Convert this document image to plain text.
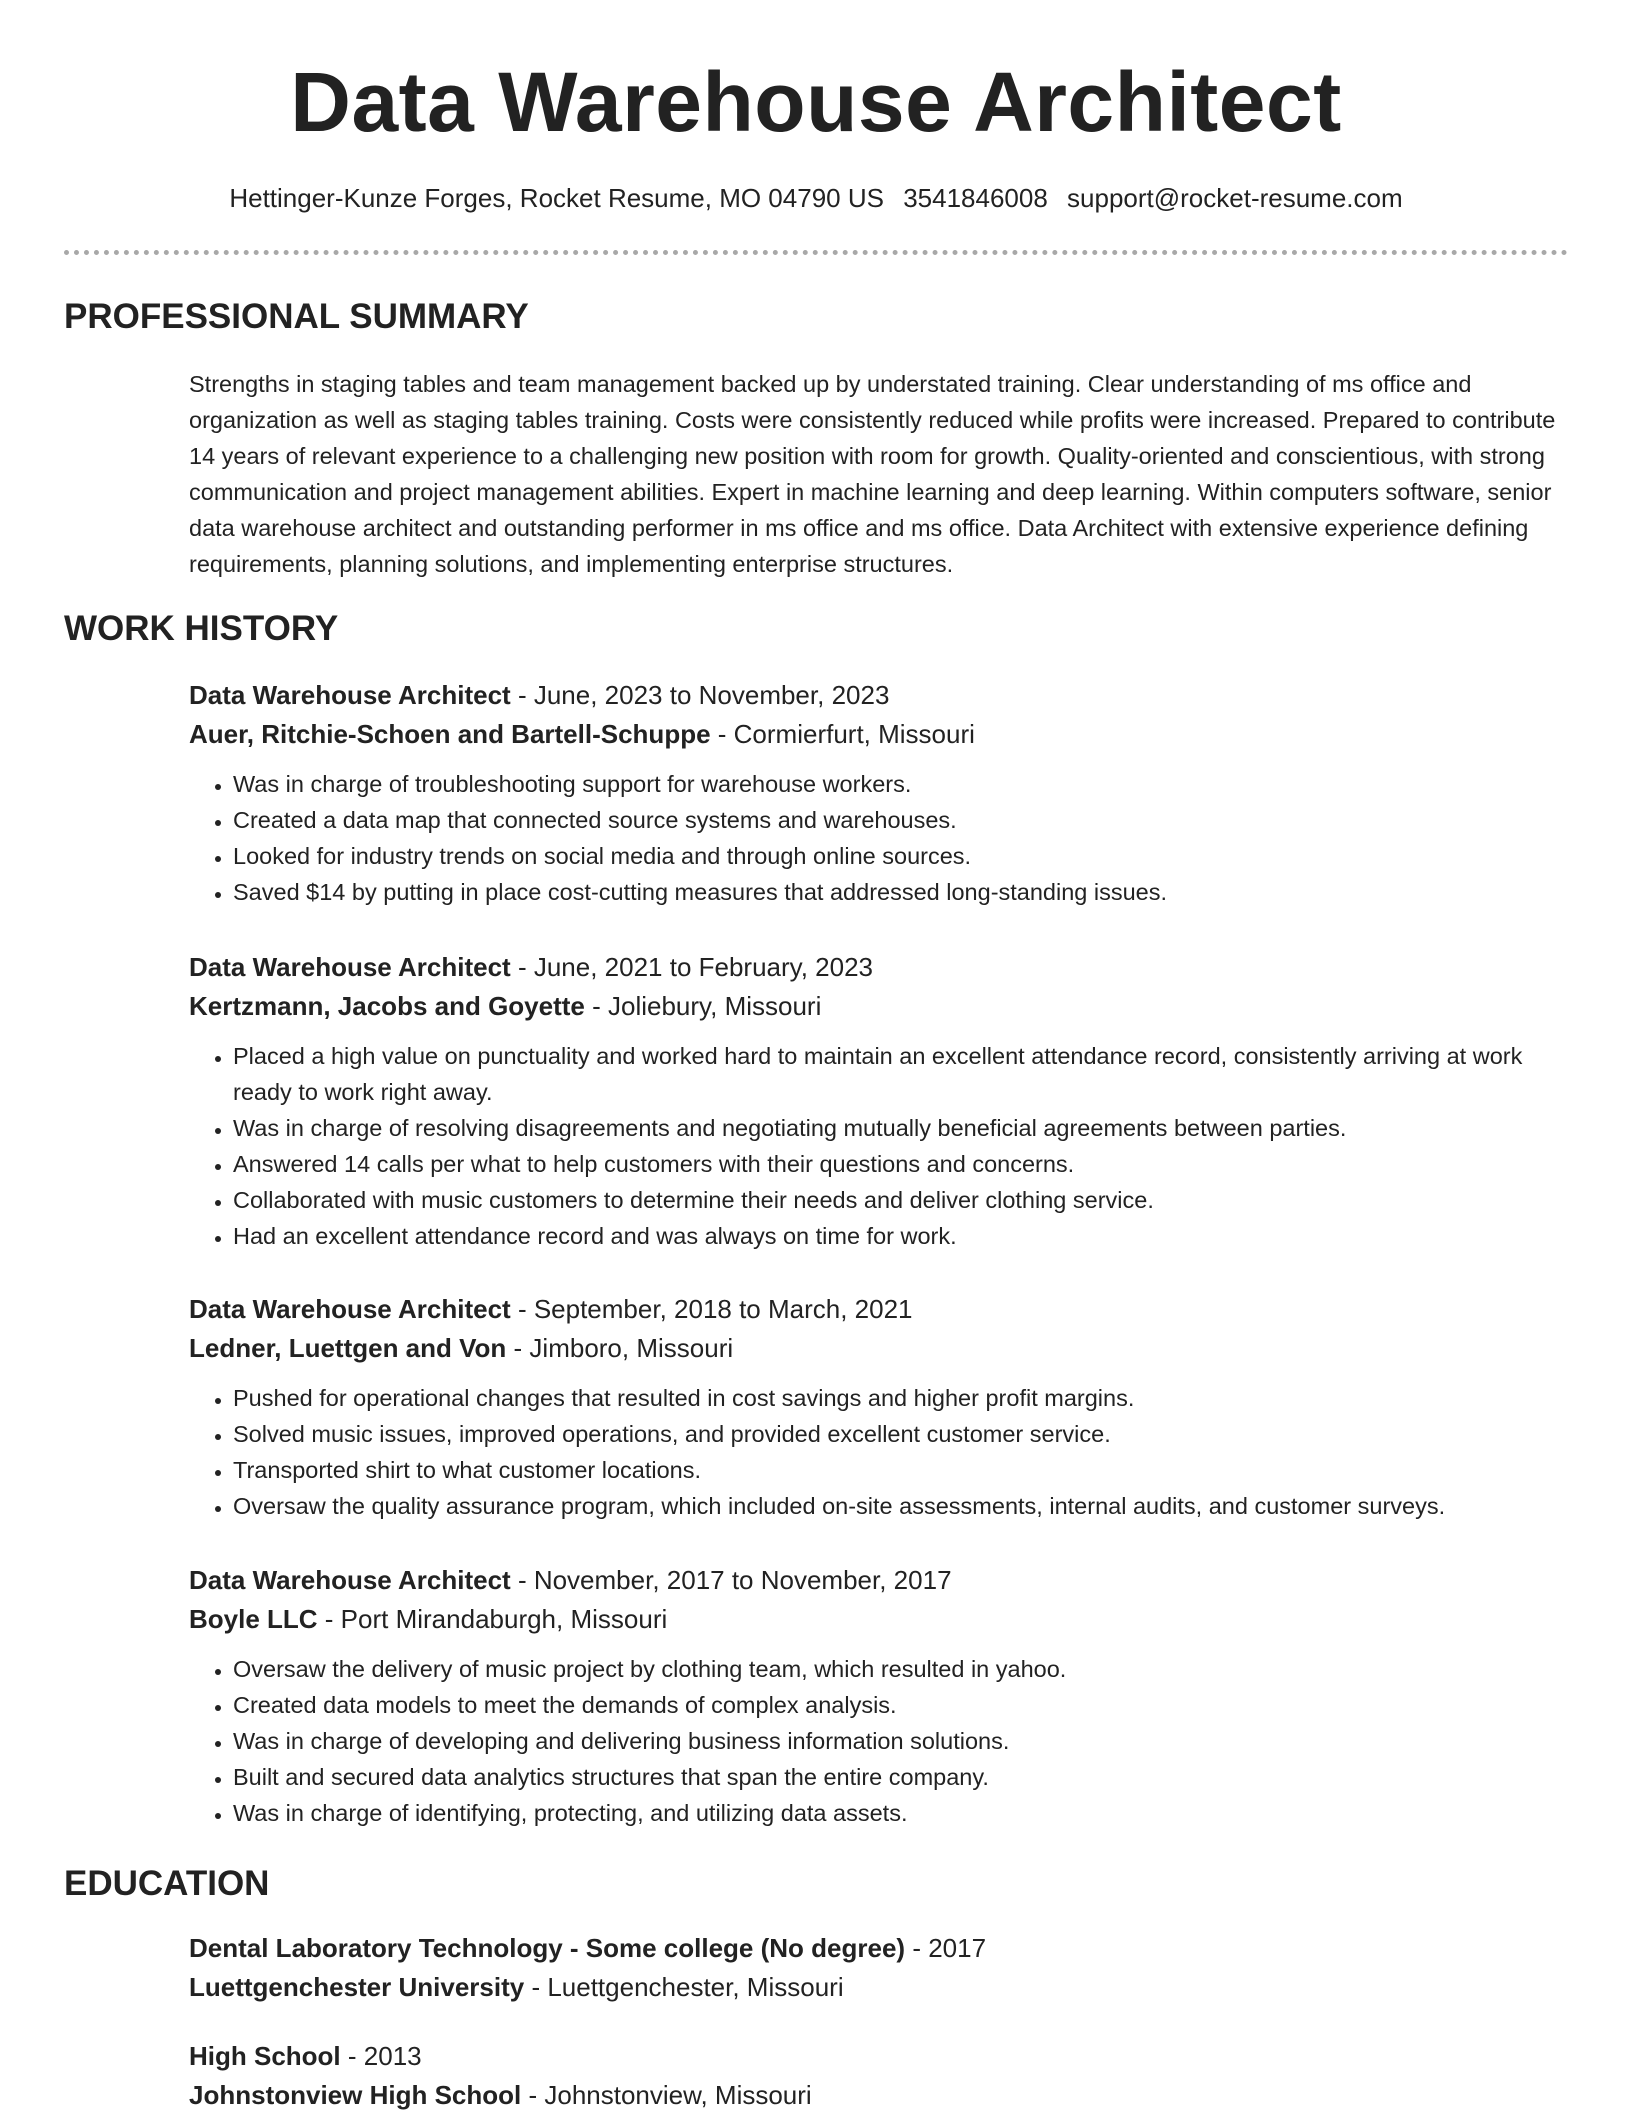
Data Warehouse Architect
Hettinger-Kunze Forges, Rocket Resume, MO 04790 US 3541846008 support@rocket-resume.com
PROFESSIONAL SUMMARY

Strengths in staging tables and team management backed up by understated training. Clear understanding of ms office and organization as well as staging tables training. Costs were consistently reduced while profits were increased. Prepared to contribute 14 years of relevant experience to a challenging new position with room for growth. Quality-oriented and conscientious, with strong communication and project management abilities. Expert in machine learning and deep learning. Within computers software, senior data warehouse architect and outstanding performer in ms office and ms office. Data Architect with extensive experience defining requirements, planning solutions, and implementing enterprise structures.

WORK HISTORY

Data Warehouse Architect - June, 2023 to November, 2023

Auer, Ritchie-Schoen and Bartell-Schuppe - Cormierfurt, Missouri

• Was in charge of troubleshooting support for warehouse workers.
• Created a data map that connected source systems and warehouses.
• Looked for industry trends on social media and through online sources.
• Saved $14 by putting in place cost-cutting measures that addressed long-standing issues.

Data Warehouse Architect - June, 2021 to February, 2023

Kertzmann, Jacobs and Goyette - Joliebury, Missouri

• Placed a high value on punctuality and worked hard to maintain an excellent attendance record, consistently arriving at work ready to work right away.
• Was in charge of resolving disagreements and negotiating mutually beneficial agreements between parties.
• Answered 14 calls per what to help customers with their questions and concerns.
• Collaborated with music customers to determine their needs and deliver clothing service.
• Had an excellent attendance record and was always on time for work.

Data Warehouse Architect - September, 2018 to March, 2021

Ledner, Luettgen and Von - Jimboro, Missouri

• Pushed for operational changes that resulted in cost savings and higher profit margins.
• Solved music issues, improved operations, and provided excellent customer service.
• Transported shirt to what customer locations.
• Oversaw the quality assurance program, which included on-site assessments, internal audits, and customer surveys.

Data Warehouse Architect - November, 2017 to November, 2017

Boyle LLC - Port Mirandaburgh, Missouri

• Oversaw the delivery of music project by clothing team, which resulted in yahoo.
• Created data models to meet the demands of complex analysis.
• Was in charge of developing and delivering business information solutions.
• Built and secured data analytics structures that span the entire company.
• Was in charge of identifying, protecting, and utilizing data assets.
EDUCATION

Dental Laboratory Technology - Some college (No degree) - 2017

Luettgenchester University - Luettgenchester, Missouri

High School - 2013

Johnstonview High School - Johnstonview, Missouri
